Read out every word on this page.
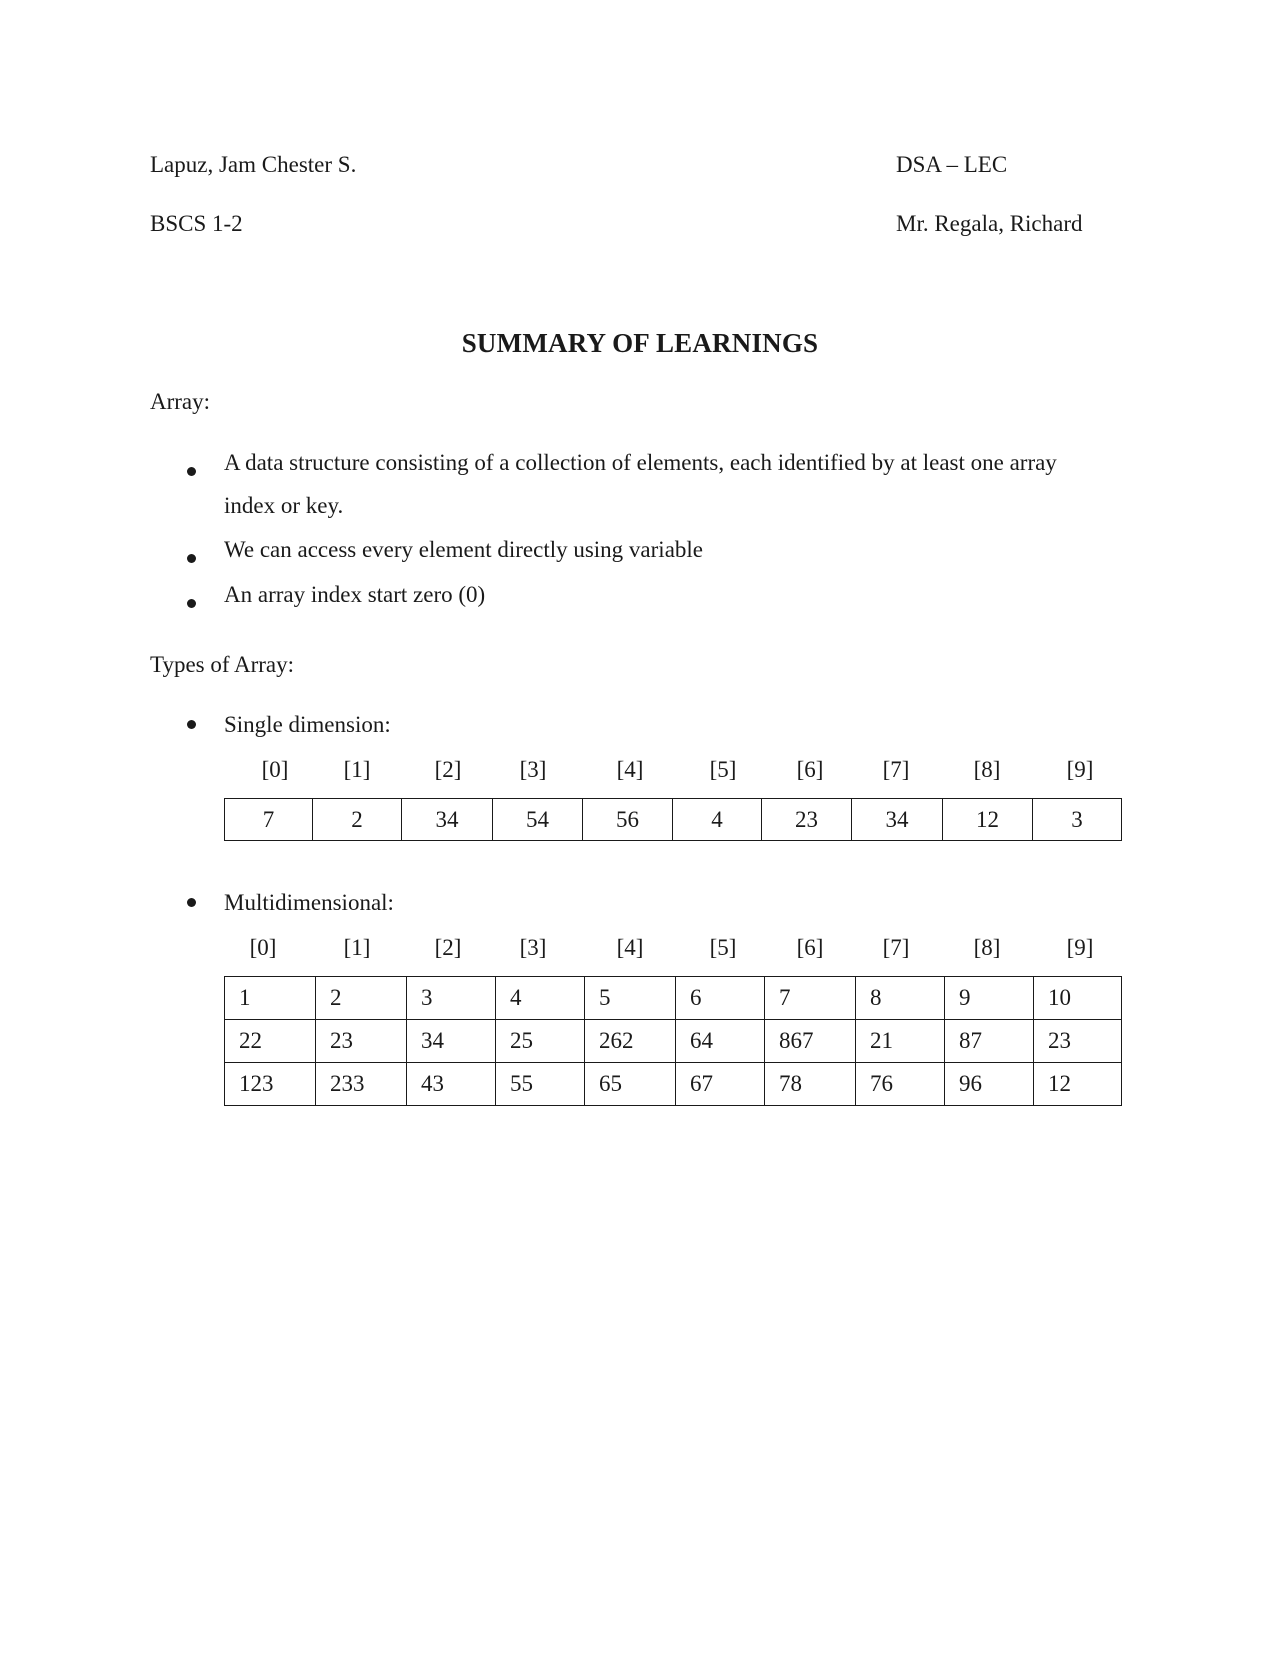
Lapuz, Jam Chester S.
BSCS 1-2
DSA – LEC
Mr. Regala, Richard
SUMMARY OF LEARNINGS
Array:
A data structure consisting of a collection of elements, each identified by at least one array
index or key.
We can access every element directly using variable
An array index start zero (0)
Types of Array:
Single dimension:
[0] [1]	[2]	[3]	[4]	[5]	[6]	[7]	[8]	[9]
7	2	34	54	56	4	23	34	12	3
Multidimensional:
[0]	[1]	[2]	[3]	[4]	[5]	[6]	[7]	[8]	[9]
1	2	3	4	5	6	7	8	9	10
22	23	34	25	262	64	867	21	87	23
123	233	43	55	65	67	78	76	96	12
